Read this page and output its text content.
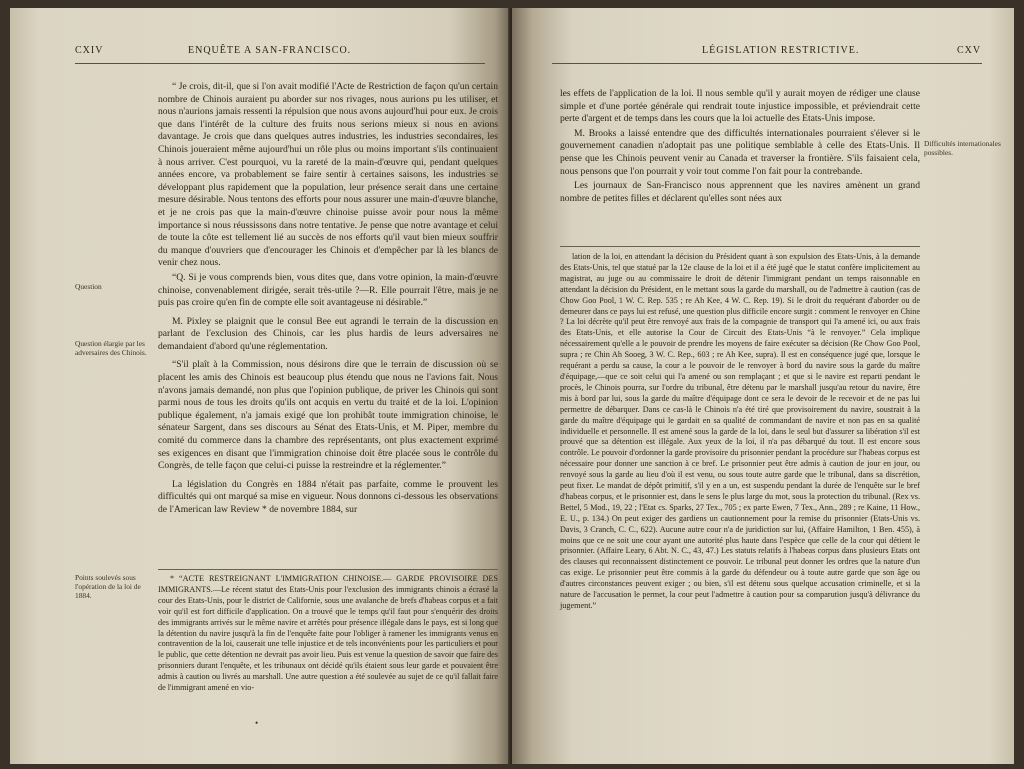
CXIV	ENQUÊTE A SAN-FRANCISCO.

“ Je crois, dit-il, que si l'on avait modifié l'Acte de Restriction de façon qu'un certain nombre de Chinois auraient pu aborder sur nos rivages, nous aurions pu les utiliser, et nous n'aurions jamais ressenti la répulsion que nous avons aujourd'hui pour eux. Je crois que dans l'intérêt de la culture des fruits nous serions mieux si nous en avions davantage. Je crois que dans quelques autres industries, les industries secondaires, les Chinois joueraient même aujourd'hui un rôle plus ou moins important s'ils continuaient à nous arriver. C'est pourquoi, vu la rareté de la main-d'œuvre qui, pendant quelques années encore, va probablement se faire sentir à certaines saisons, les industries se développant plus rapidement que la population, leur présence serait dans une certaine mesure désirable. Nous tentons des efforts pour nous assurer une main-d'œuvre blanche, et je ne crois pas que la main-d'œuvre chinoise puisse avoir pour nous la même importance si nous réussissons dans notre tentative. Je pense que notre avantage et celui de toute la côte est tellement lié au succès de nos efforts qu'il vaut bien mieux souffrir du manque d'ouvriers que d'encourager les Chinois et d'empêcher par là les blancs de venir chez nous.

“Q. Si je vous comprends bien, vous dites que, dans votre opinion, la main-d'œuvre chinoise, convenablement dirigée, serait très-utile ?—R. Elle pourrait l'être, mais je ne puis pas croire qu'en fin de compte elle soit avantageuse ni désirable.”

M. Pixley se plaignit que le consul Bee eut agrandi le terrain de la discussion en parlant de l'exclusion des Chinois, car les plus hardis de leurs adversaires ne demandaient d'abord qu'une réglementation.

“S'il plaît à la Commission, nous désirons dire que le terrain de discussion où se placent les amis des Chinois est beaucoup plus étendu que nous ne l'avions fait. Nous n'avons jamais demandé, non plus que l'opinion publique, de priver les Chinois qui sont parmi nous de tous les droits qu'ils ont acquis en vertu du traité et de la loi. L'opinion publique également, n'a jamais exigé que lon prohibât toute immigration chinoise, le sénateur Sargent, dans ses discours au Sénat des Etats-Unis, et M. Piper, membre du comité du commerce dans la chambre des représentants, ont plus exactement exprimé ses exigences en disant que l'immigration chinoise doit être placée sous le contrôle du Congrès, de telle façon que celui-ci puisse la restreindre et la réglementer.”

La législation du Congrès en 1884 n'était pas parfaite, comme le prouvent les difficultés qui ont marqué sa mise en vigueur. Nous donnons ci-dessous les observations de l'American law Review * de novembre 1884, sur

Question
Question élargie par les adversaires des Chinois.
Points soulevés sous l'opération de la loi de 1884.

* “ACTE RESTREIGNANT L'IMMIGRATION CHINOISE.— GARDE PROVISOIRE DES IMMIGRANTS.—Le récent statut des Etats-Unis pour l'exclusion des immigrants chinois a écrasé la cour des Etats-Unis, pour le district de Californie, sous une avalanche de brefs d'habeas corpus et a fait voir qu'il est fort difficile d'application. On a trouvé que le temps qu'il faut pour s'enquérir des droits des immigrants arrivés sur le même navire et arrêtés pour présence illégale dans le pays, est si long que la détention du navire jusqu'à la fin de l'enquête faite pour l'obliger à ramener les immigrants venus en contravention de la loi, causerait une telle injustice et de tels inconvénients pour les particuliers et pour le public, que cette détention ne devrait pas avoir lieu. Puis est venue la question de savoir que faire des prisonniers durant l'enquête, et les tribunaux ont décidé qu'ils étaient sous leur garde et pouvaient être admis à caution ou livrés au marshall. Une autre question a été soulevée au sujet de ce qu'il fallait faire de l'immigrant amené en vio-

•
LÉGISLATION RESTRICTIVE.	CXV

les effets de l'application de la loi. Il nous semble qu'il y aurait moyen de rédiger une clause simple et d'une portée générale qui rendrait toute injustice impossible, et préviendrait cette perte d'argent et de temps dans les cours que la loi actuelle des Etats-Unis impose.

M. Brooks a laissé entendre que des difficultés internationales pourraient s'élever si le gouvernement canadien n'adoptait pas une politique semblable à celle des Etats-Unis. Il pense que les Chinois peuvent venir au Canada et traverser la frontière. S'ils faisaient cela, nous pensons que l'on pourrait y voir tout comme l'on fait pour la contrebande.

Les journaux de San-Francisco nous apprennent que les navires amènent un grand nombre de petites filles et déclarent qu'elles sont nées aux

Difficultés internationales possibles.

lation de la loi, en attendant la décision du Président quant à son expulsion des Etats-Unis, à la demande des Etats-Unis, tel que statué par la 12e clause de la loi et il a été jugé que le statut confère implicitement au magistrat, au juge ou au commissaire le droit de détenir l'immigrant pendant un temps raisonnable en attendant la décision du Président, en le mettant sous la garde du marshall, ou de l'admettre à caution (cas de Chow Goo Pool, 1 W. C. Rep. 535 ; re Ah Kee, 4 W. C. Rep. 19). Si le droit du requérant d'aborder ou de demeurer dans ce pays lui est refusé, une question plus difficile encore surgit : comment le renvoyer en Chine ? La loi décrète qu'il peut être renvoyé aux frais de la compagnie de transport qui l'a amené ici, ou aux frais des Etats-Unis, et elle autorise la Cour de Circuit des Etats-Unis “à le renvoyer.” Cela implique nécessairement qu'elle a le pouvoir de prendre les moyens de faire exécuter sa décision (Re Chow Goo Pool, supra ; re Chin Ah Sooeg, 3 W. C. Rep., 603 ; re Ah Kee, supra). Il est en conséquence jugé que, lorsque le requérant a perdu sa cause, la cour a le pouvoir de le renvoyer à bord du navire sous la garde du maître d'équipage,—que ce soit celui qui l'a amené ou son remplaçant ; et que si le navire est reparti pendant le procès, le Chinois pourra, sur l'ordre du tribunal, être détenu par le marshall jusqu'au retour du navire, être mis à bord par lui, sous la garde du maître d'équipage dont ce sera le devoir de le recevoir et de ne pas lui permettre de débarquer. Dans ce cas-là le Chinois n'a été tiré que provisoirement du navire, soustrait à la garde du maître d'équipage qui le gardait en sa qualité de commandant de navire et non pas en sa qualité individuelle et personnelle. Il est amené sous la garde de la loi, dans le seul but d'assurer sa libération s'il est prouvé que sa détention est illégale. Aux yeux de la loi, il n'a pas débarqué du tout. Il est encore sous contrôle. Le pouvoir d'ordonner la garde provisoire du prisonnier pendant la procédure sur l'habeas corpus est nécessaire pour donner une sanction à ce bref. Le prisonnier peut être admis à caution de jour en jour, ou renvoyé sous la garde au lieu d'où il est venu, ou sous toute autre garde que le tribunal, dans sa discrétion, peut fixer. Le mandat de dépôt primitif, s'il y en a un, est suspendu pendant la durée de l'enquête sur le bref d'habeas corpus, et le prisonnier est, dans le sens le plus large du mot, sous la protection du tribunal. (Rex vs. Bettel, 5 Mod., 19, 22 ; l'Etat cs. Sparks, 27 Tex., 705 ; ex parte Ewen, 7 Tex., Ann., 289 ; re Kaine, 11 How., E. U., p. 134.) On peut exiger des gardiens un cautionnement pour la remise du prisonnier (Etats-Unis vs. Davis, 3 Cranch, C. C., 622). Aucune autre cour n'a de juridiction sur lui, (Affaire Hamilton, 1 Ben. 455), à moins que ce ne soit une cour ayant une autorité plus haute dans l'espèce que celle de la cour qui détient le prisonnier. (Affaire Leary, 6 Abt. N. C., 43, 47.) Les statuts relatifs à l'habeas corpus dans plusieurs Etats ont des clauses qui reconnaissent distinctement ce pouvoir. Le tribunal peut donner les ordres que la nature d'un cas exige. Le prisonnier peut être commis à la garde du défendeur ou à toute autre garde que son âge ou d'autres circonstances peuvent exiger ; ou bien, s'il est détenu sous quelque accusation criminelle, et si la nature de l'accusation le permet, la cour peut l'admettre à caution pour sa comparution jusqu'à délivrance du jugement.”
